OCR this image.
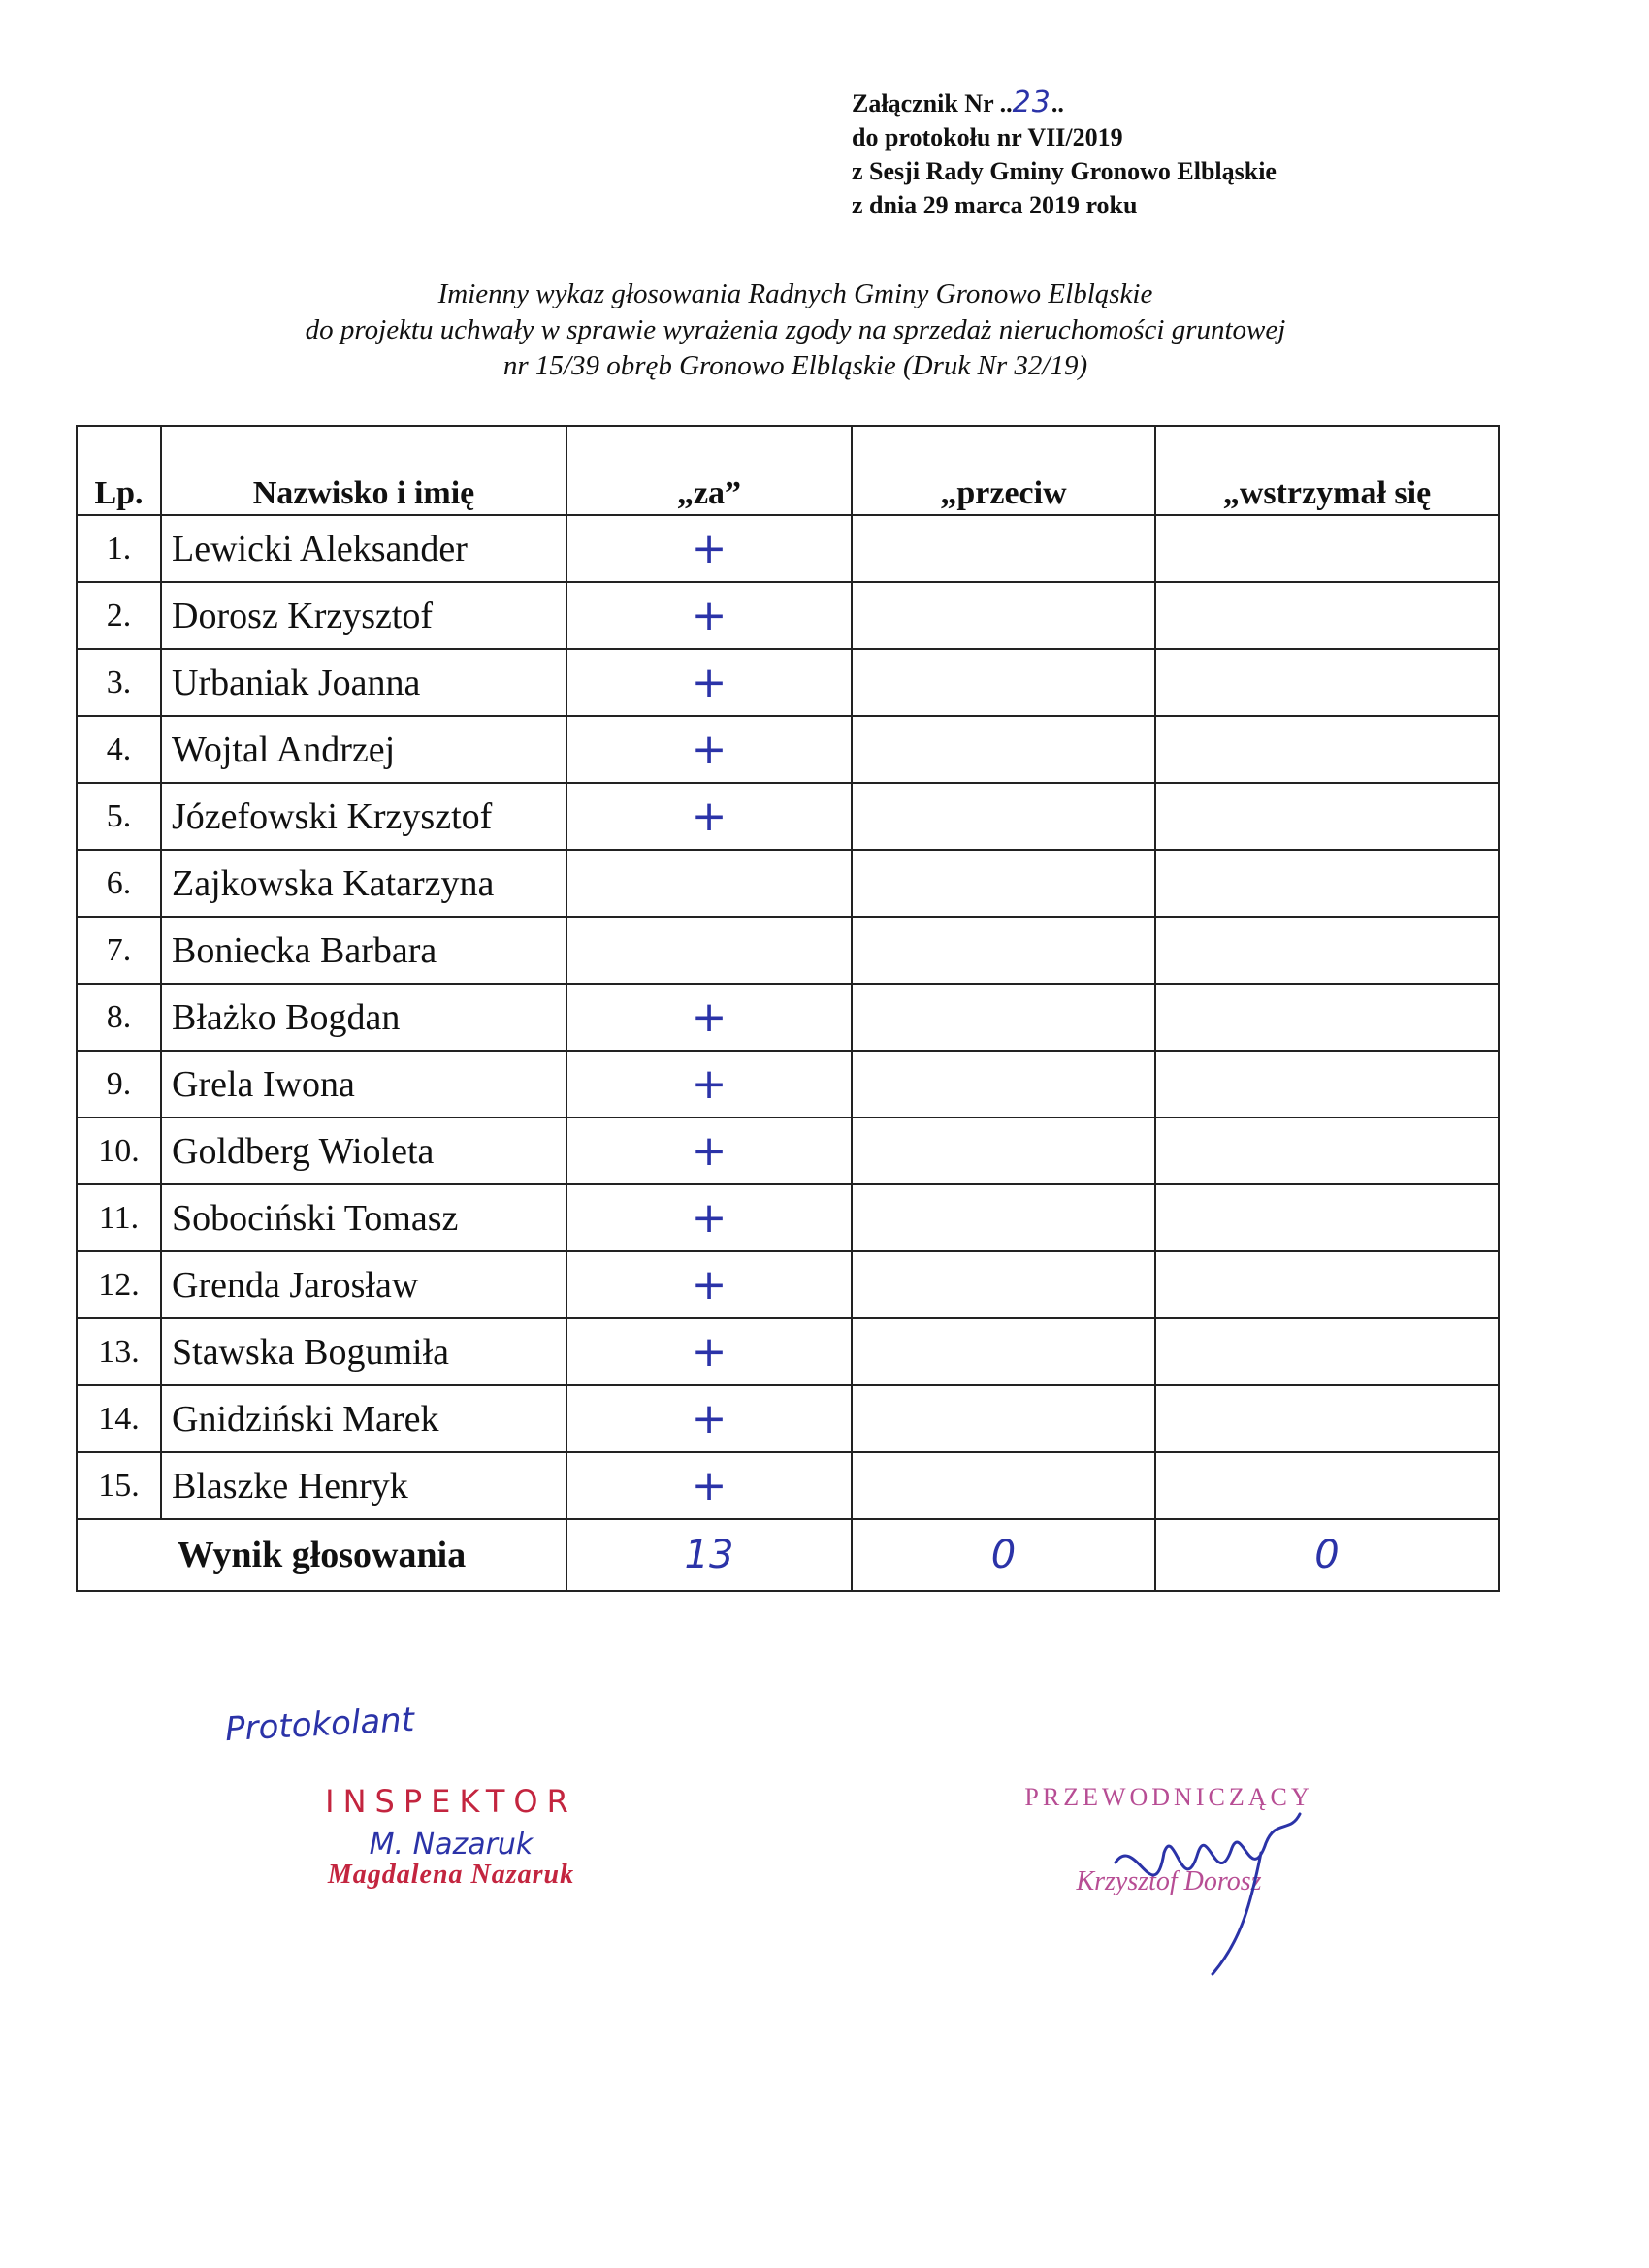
Załącznik Nr ..23..
do protokołu nr VII/2019
z Sesji Rady Gminy Gronowo Elbląskie
z dnia 29 marca 2019 roku
Imienny wykaz głosowania Radnych Gminy Gronowo Elbląskie
do projektu uchwały w sprawie wyrażenia zgody na sprzedaż nieruchomości gruntowej
nr 15/39 obręb Gronowo Elbląskie (Druk Nr 32/19)
Lp.	Nazwisko i imię	„za”	„przeciw	„wstrzymał się
1.	Lewicki Aleksander	+		
2.	Dorosz Krzysztof	+		
3.	Urbaniak Joanna	+		
4.	Wojtal Andrzej	+		
5.	Józefowski Krzysztof	+		
6.	Zajkowska Katarzyna			
7.	Boniecka Barbara			
8.	Błażko Bogdan	+		
9.	Grela Iwona	+		
10.	Goldberg Wioleta	+		
11.	Sobociński Tomasz	+		
12.	Grenda Jarosław	+		
13.	Stawska Bogumiła	+		
14.	Gnidziński Marek	+		
15.	Blaszke Henryk	+		
Wynik głosowania		13	0	0
Protokolant
INSPEKTOR
M. Nazaruk
Magdalena Nazaruk
PRZEWODNICZĄCY
Krzysztof Dorosz
